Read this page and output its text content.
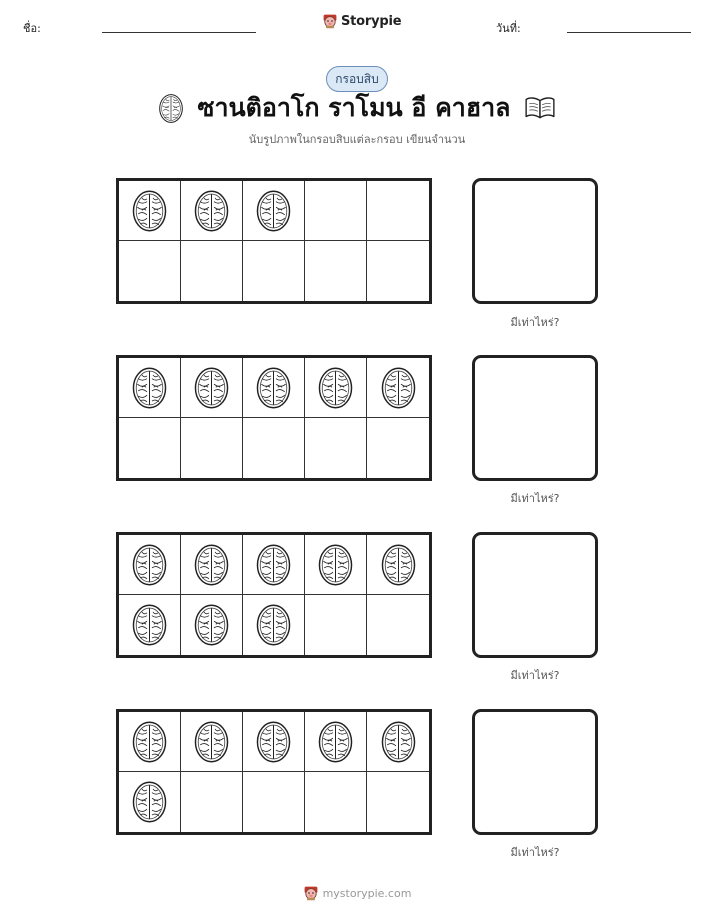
ชื่อ:	Storypie	วันที่:
กรอบสิบ
ซานติอาโก ราโมน อี คาฮาล
นับรูปภาพในกรอบสิบแต่ละกรอบ เขียนจำนวน
มีเท่าไหร่?
มีเท่าไหร่?
มีเท่าไหร่?
มีเท่าไหร่?
mystorypie.com
